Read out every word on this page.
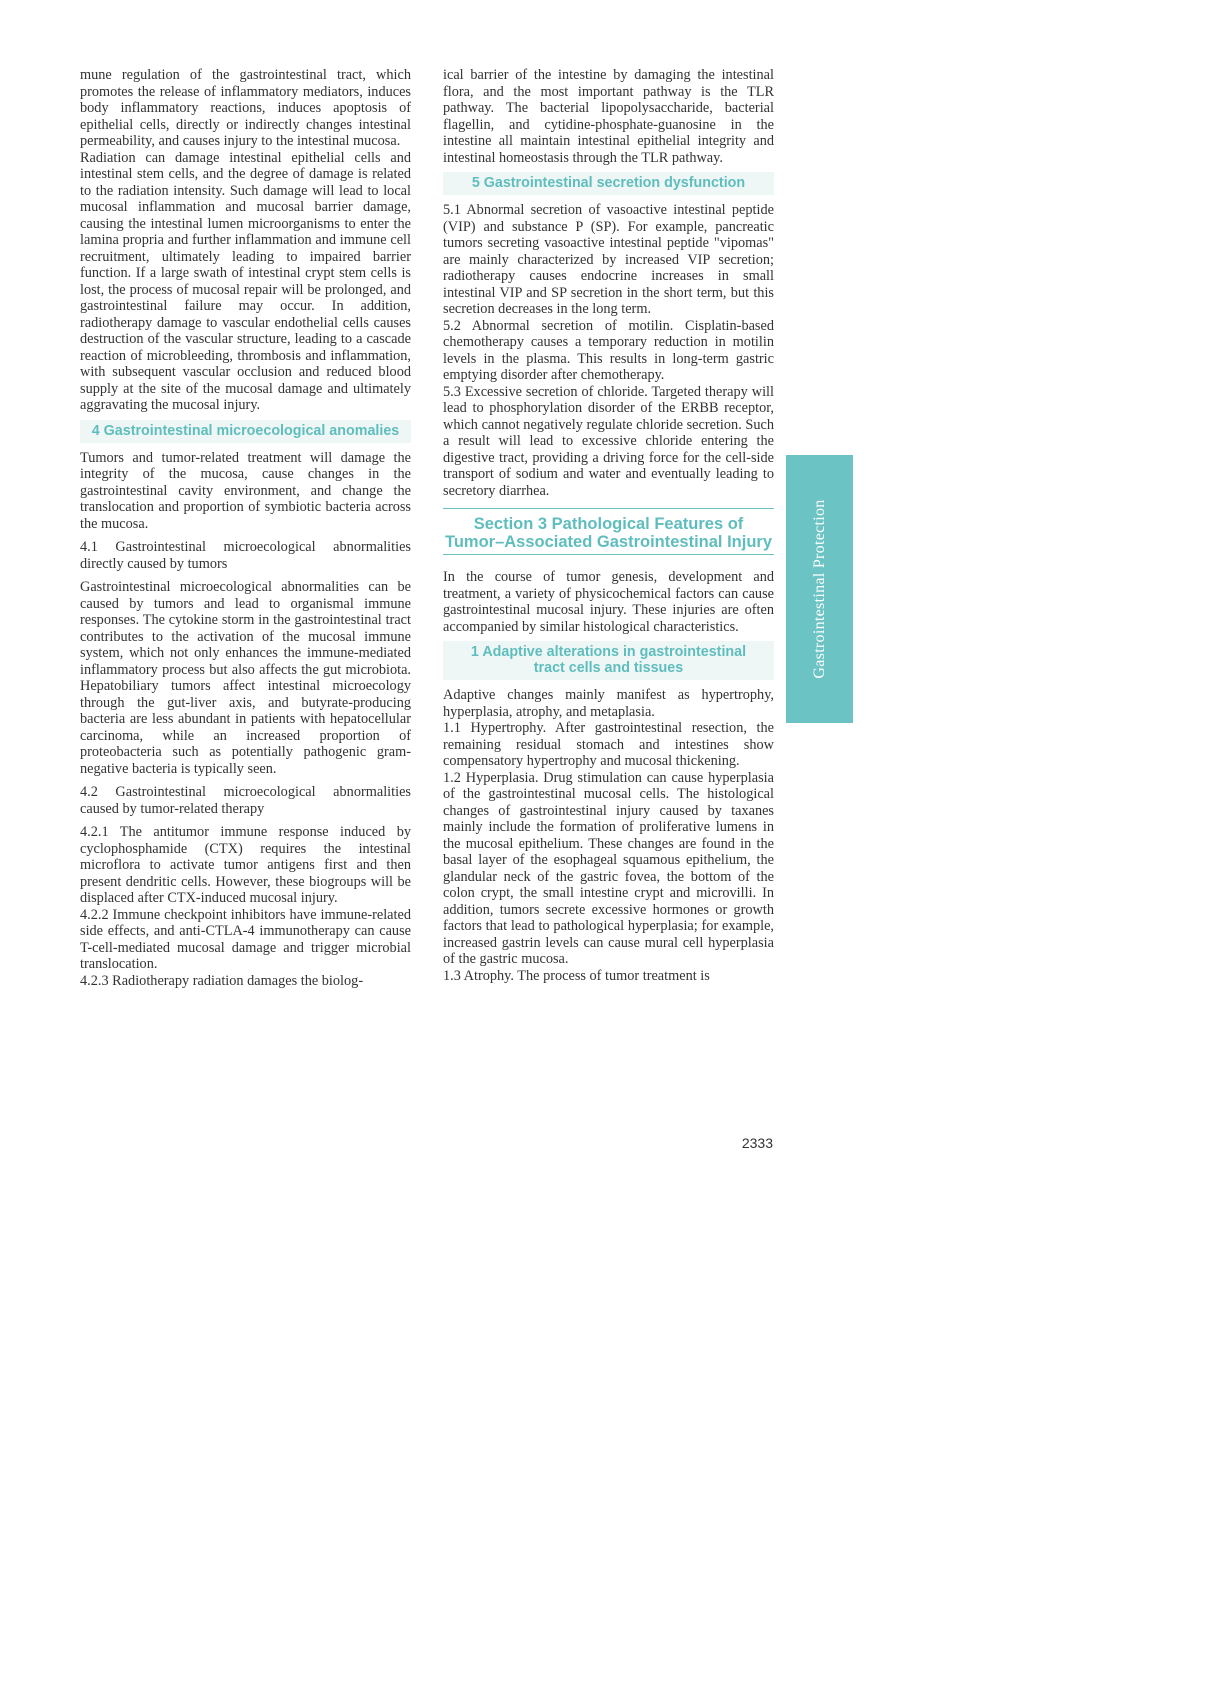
mune regulation of the gastrointestinal tract, which promotes the release of inflammatory mediators, induces body inflammatory reactions, induces apoptosis of epithelial cells, directly or indirectly changes intestinal permeability, and causes injury to the intestinal mucosa.

Radiation can damage intestinal epithelial cells and intestinal stem cells, and the degree of damage is related to the radiation intensity. Such damage will lead to local mucosal inflammation and mucosal barrier damage, causing the intestinal lumen microorganisms to enter the lamina propria and further inflammation and immune cell recruitment, ultimately leading to impaired barrier function. If a large swath of intestinal crypt stem cells is lost, the process of mucosal repair will be prolonged, and gastrointestinal failure may occur. In addition, radiotherapy damage to vascular endothelial cells causes destruction of the vascular structure, leading to a cascade reaction of microbleeding, thrombosis and inflammation, with subsequent vascular occlusion and reduced blood supply at the site of the mucosal damage and ultimately aggravating the mucosal injury.

4 Gastrointestinal microecological anomalies

Tumors and tumor-related treatment will damage the integrity of the mucosa, cause changes in the gastrointestinal cavity environment, and change the translocation and proportion of symbiotic bacteria across the mucosa.

4.1 Gastrointestinal microecological abnormalities directly caused by tumors

Gastrointestinal microecological abnormalities can be caused by tumors and lead to organismal immune responses. The cytokine storm in the gastrointestinal tract contributes to the activation of the mucosal immune system, which not only enhances the immune-mediated inflammatory process but also affects the gut microbiota. Hepatobiliary tumors affect intestinal microecology through the gut-liver axis, and butyrate-producing bacteria are less abundant in patients with hepatocellular carcinoma, while an increased proportion of proteobacteria such as potentially pathogenic gram-negative bacteria is typically seen.

4.2 Gastrointestinal microecological abnormalities caused by tumor-related therapy

4.2.1 The antitumor immune response induced by cyclophosphamide (CTX) requires the intestinal microflora to activate tumor antigens first and then present dendritic cells. However, these biogroups will be displaced after CTX-induced mucosal injury.

4.2.2 Immune checkpoint inhibitors have immune-related side effects, and anti-CTLA-4 immunotherapy can cause T-cell-mediated mucosal damage and trigger microbial translocation.

4.2.3 Radiotherapy radiation damages the biolog-

ical barrier of the intestine by damaging the intestinal flora, and the most important pathway is the TLR pathway. The bacterial lipopolysaccharide, bacterial flagellin, and cytidine-phosphate-guanosine in the intestine all maintain intestinal epithelial integrity and intestinal homeostasis through the TLR pathway.

5 Gastrointestinal secretion dysfunction

5.1 Abnormal secretion of vasoactive intestinal peptide (VIP) and substance P (SP). For example, pancreatic tumors secreting vasoactive intestinal peptide "vipomas" are mainly characterized by increased VIP secretion; radiotherapy causes endocrine increases in small intestinal VIP and SP secretion in the short term, but this secretion decreases in the long term.

5.2 Abnormal secretion of motilin. Cisplatin-based chemotherapy causes a temporary reduction in motilin levels in the plasma. This results in long-term gastric emptying disorder after chemotherapy.

5.3 Excessive secretion of chloride. Targeted therapy will lead to phosphorylation disorder of the ERBB receptor, which cannot negatively regulate chloride secretion. Such a result will lead to excessive chloride entering the digestive tract, providing a driving force for the cell-side transport of sodium and water and eventually leading to secretory diarrhea.

Section 3 Pathological Features of
Tumor–Associated Gastrointestinal Injury

In the course of tumor genesis, development and treatment, a variety of physicochemical factors can cause gastrointestinal mucosal injury. These injuries are often accompanied by similar histological characteristics.

1 Adaptive alterations in gastrointestinal
tract cells and tissues

Adaptive changes mainly manifest as hypertrophy, hyperplasia, atrophy, and metaplasia.

1.1 Hypertrophy. After gastrointestinal resection, the remaining residual stomach and intestines show compensatory hypertrophy and mucosal thickening.

1.2 Hyperplasia. Drug stimulation can cause hyperplasia of the gastrointestinal mucosal cells. The histological changes of gastrointestinal injury caused by taxanes mainly include the formation of proliferative lumens in the mucosal epithelium. These changes are found in the basal layer of the esophageal squamous epithelium, the glandular neck of the gastric fovea, the bottom of the colon crypt, the small intestine crypt and microvilli. In addition, tumors secrete excessive hormones or growth factors that lead to pathological hyperplasia; for example, increased gastrin levels can cause mural cell hyperplasia of the gastric mucosa.

1.3 Atrophy. The process of tumor treatment is

Gastrointestinal Protection
2333
